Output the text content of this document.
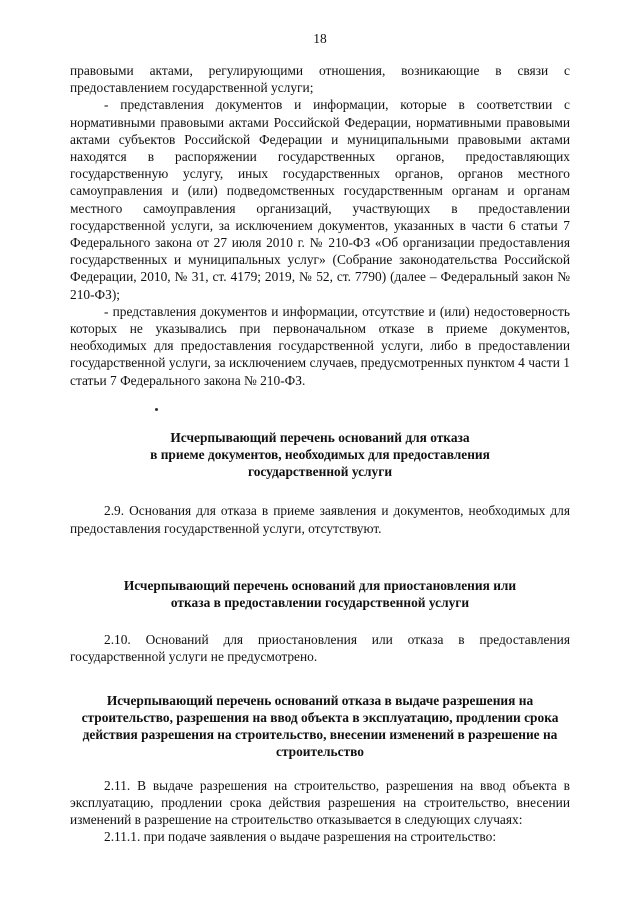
18

правовыми актами, регулирующими отношения, возникающие в связи с предоставлением государственной услуги;

- представления документов и информации, которые в соответствии с нормативными правовыми актами Российской Федерации, нормативными правовыми актами субъектов Российской Федерации и муниципальными правовыми актами находятся в распоряжении государственных органов, предоставляющих государственную услугу, иных государственных органов, органов местного самоуправления и (или) подведомственных государственным органам и органам местного самоуправления организаций, участвующих в предоставлении государственной услуги, за исключением документов, указанных в части 6 статьи 7 Федерального закона от 27 июля 2010 г. № 210-ФЗ «Об организации предоставления государственных и муниципальных услуг» (Собрание законодательства Российской Федерации, 2010, № 31, ст. 4179; 2019, № 52, ст. 7790) (далее – Федеральный закон № 210-ФЗ);

- представления документов и информации, отсутствие и (или) недостоверность которых не указывались при первоначальном отказе в приеме документов, необходимых для предоставления государственной услуги, либо в предоставлении государственной услуги, за исключением случаев, предусмотренных пунктом 4 части 1 статьи 7 Федерального закона № 210-ФЗ.

Исчерпывающий перечень оснований для отказа

в приеме документов, необходимых для предоставления

государственной услуги

2.9. Основания для отказа в приеме заявления и документов, необходимых для предоставления государственной услуги, отсутствуют.

Исчерпывающий перечень оснований для приостановления или

отказа в предоставлении государственной услуги

2.10. Оснований для приостановления или отказа в предоставления государственной услуги не предусмотрено.

Исчерпывающий перечень оснований отказа в выдаче разрешения на

строительство, разрешения на ввод объекта в эксплуатацию, продлении срока

действия разрешения на строительство, внесении изменений в разрешение на

строительство

2.11. В выдаче разрешения на строительство, разрешения на ввод объекта в эксплуатацию, продлении срока действия разрешения на строительство, внесении изменений в разрешение на строительство отказывается в следующих случаях:

2.11.1. при подаче заявления о выдаче разрешения на строительство:
